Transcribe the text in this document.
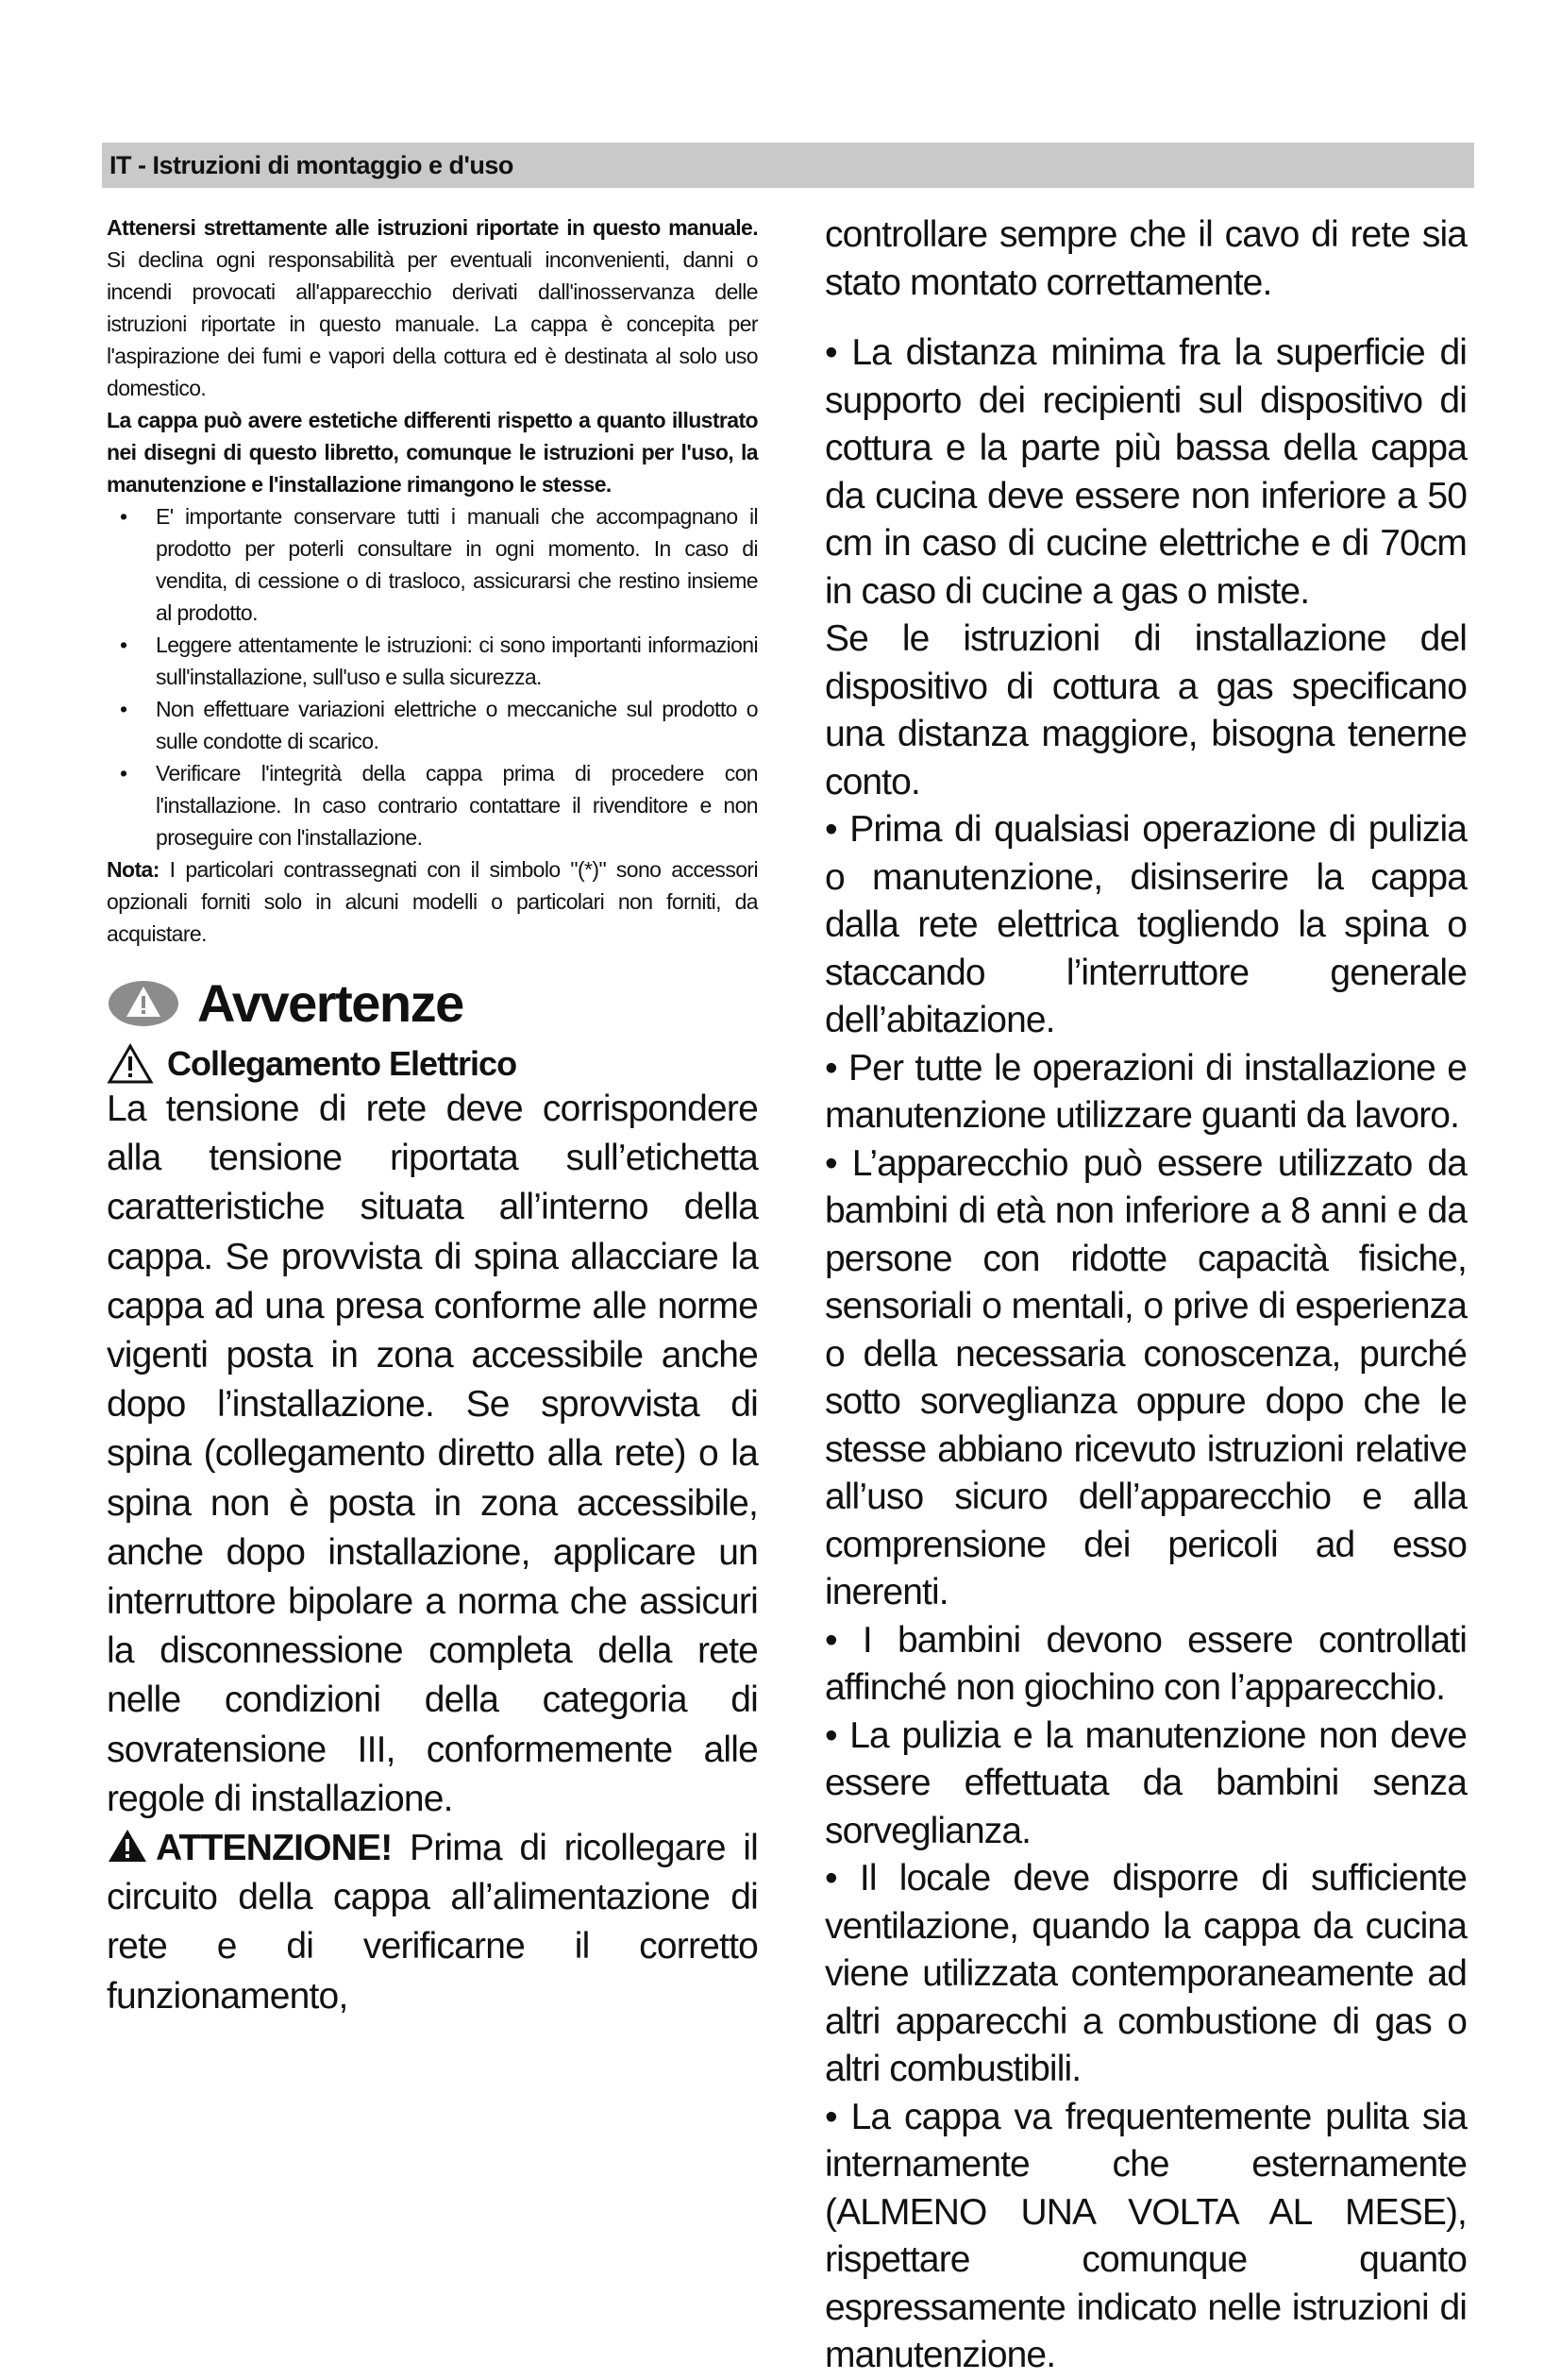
IT - Istruzioni di montaggio e d'uso

Attenersi strettamente alle istruzioni riportate in questo manuale. Si declina ogni responsabilità per eventuali inconvenienti, danni o incendi provocati all'apparecchio derivati dall'inosservanza delle istruzioni riportate in questo manuale. La cappa è concepita per l'aspirazione dei fumi e vapori della cottura ed è destinata al solo uso domestico.

La cappa può avere estetiche differenti rispetto a quanto illustrato nei disegni di questo libretto, comunque le istruzioni per l'uso, la manutenzione e l'installazione rimangono le stesse.

• E' importante conservare tutti i manuali che accompagnano il prodotto per poterli consultare in ogni momento. In caso di vendita, di cessione o di trasloco, assicurarsi che restino insieme al prodotto.
• Leggere attentamente le istruzioni: ci sono importanti informazioni sull'installazione, sull'uso e sulla sicurezza.
• Non effettuare variazioni elettriche o meccaniche sul prodotto o sulle condotte di scarico.
• Verificare l'integrità della cappa prima di procedere con l'installazione. In caso contrario contattare il rivenditore e non proseguire con l'installazione.

Nota: I particolari contrassegnati con il simbolo "(*)" sono accessori opzionali forniti solo in alcuni modelli o particolari non forniti, da acquistare.

Avvertenze
Collegamento Elettrico

La tensione di rete deve corrispondere alla tensione riportata sull’etichetta caratteristiche situata all’interno della cappa. Se provvista di spina allacciare la cappa ad una presa conforme alle norme vigenti posta in zona accessibile anche dopo l’installazione. Se sprovvista di spina (collegamento diretto alla rete) o la spina non è posta in zona accessibile, anche dopo installazione, applicare un interruttore bipolare a norma che assicuri la disconnessione completa della rete nelle condizioni della categoria di sovratensione III, conformemente alle regole di installazione.

ATTENZIONE! Prima di ricollegare il circuito della cappa all’alimentazione di rete e di verificarne il corretto funzionamento,

controllare sempre che il cavo di rete sia stato montato correttamente.

• La distanza minima fra la superficie di supporto dei recipienti sul dispositivo di cottura e la parte più bassa della cappa da cucina deve essere non inferiore a 50 cm in caso di cucine elettriche e di 70cm in caso di cucine a gas o miste.

Se le istruzioni di installazione del dispositivo di cottura a gas specificano una distanza maggiore, bisogna tenerne conto.

• Prima di qualsiasi operazione di pulizia o manutenzione, disinserire la cappa dalla rete elettrica togliendo la spina o staccando l’interruttore generale dell’abitazione.

• Per tutte le operazioni di installazione e manutenzione utilizzare guanti da lavoro.

• L’apparecchio può essere utilizzato da bambini di età non inferiore a 8 anni e da persone con ridotte capacità fisiche, sensoriali o mentali, o prive di esperienza o della necessaria conoscenza, purché sotto sorveglianza oppure dopo che le stesse abbiano ricevuto istruzioni relative all’uso sicuro dell’apparecchio e alla comprensione dei pericoli ad esso inerenti.

• I bambini devono essere controllati affinché non giochino con l’apparecchio.

• La pulizia e la manutenzione non deve essere effettuata da bambini senza sorveglianza.

• Il locale deve disporre di sufficiente ventilazione, quando la cappa da cucina viene utilizzata contemporaneamente ad altri apparecchi a combustione di gas o altri combustibili.

• La cappa va frequentemente pulita sia internamente che esternamente (ALMENO UNA VOLTA AL MESE), rispettare comunque quanto espressamente indicato nelle istruzioni di manutenzione.
